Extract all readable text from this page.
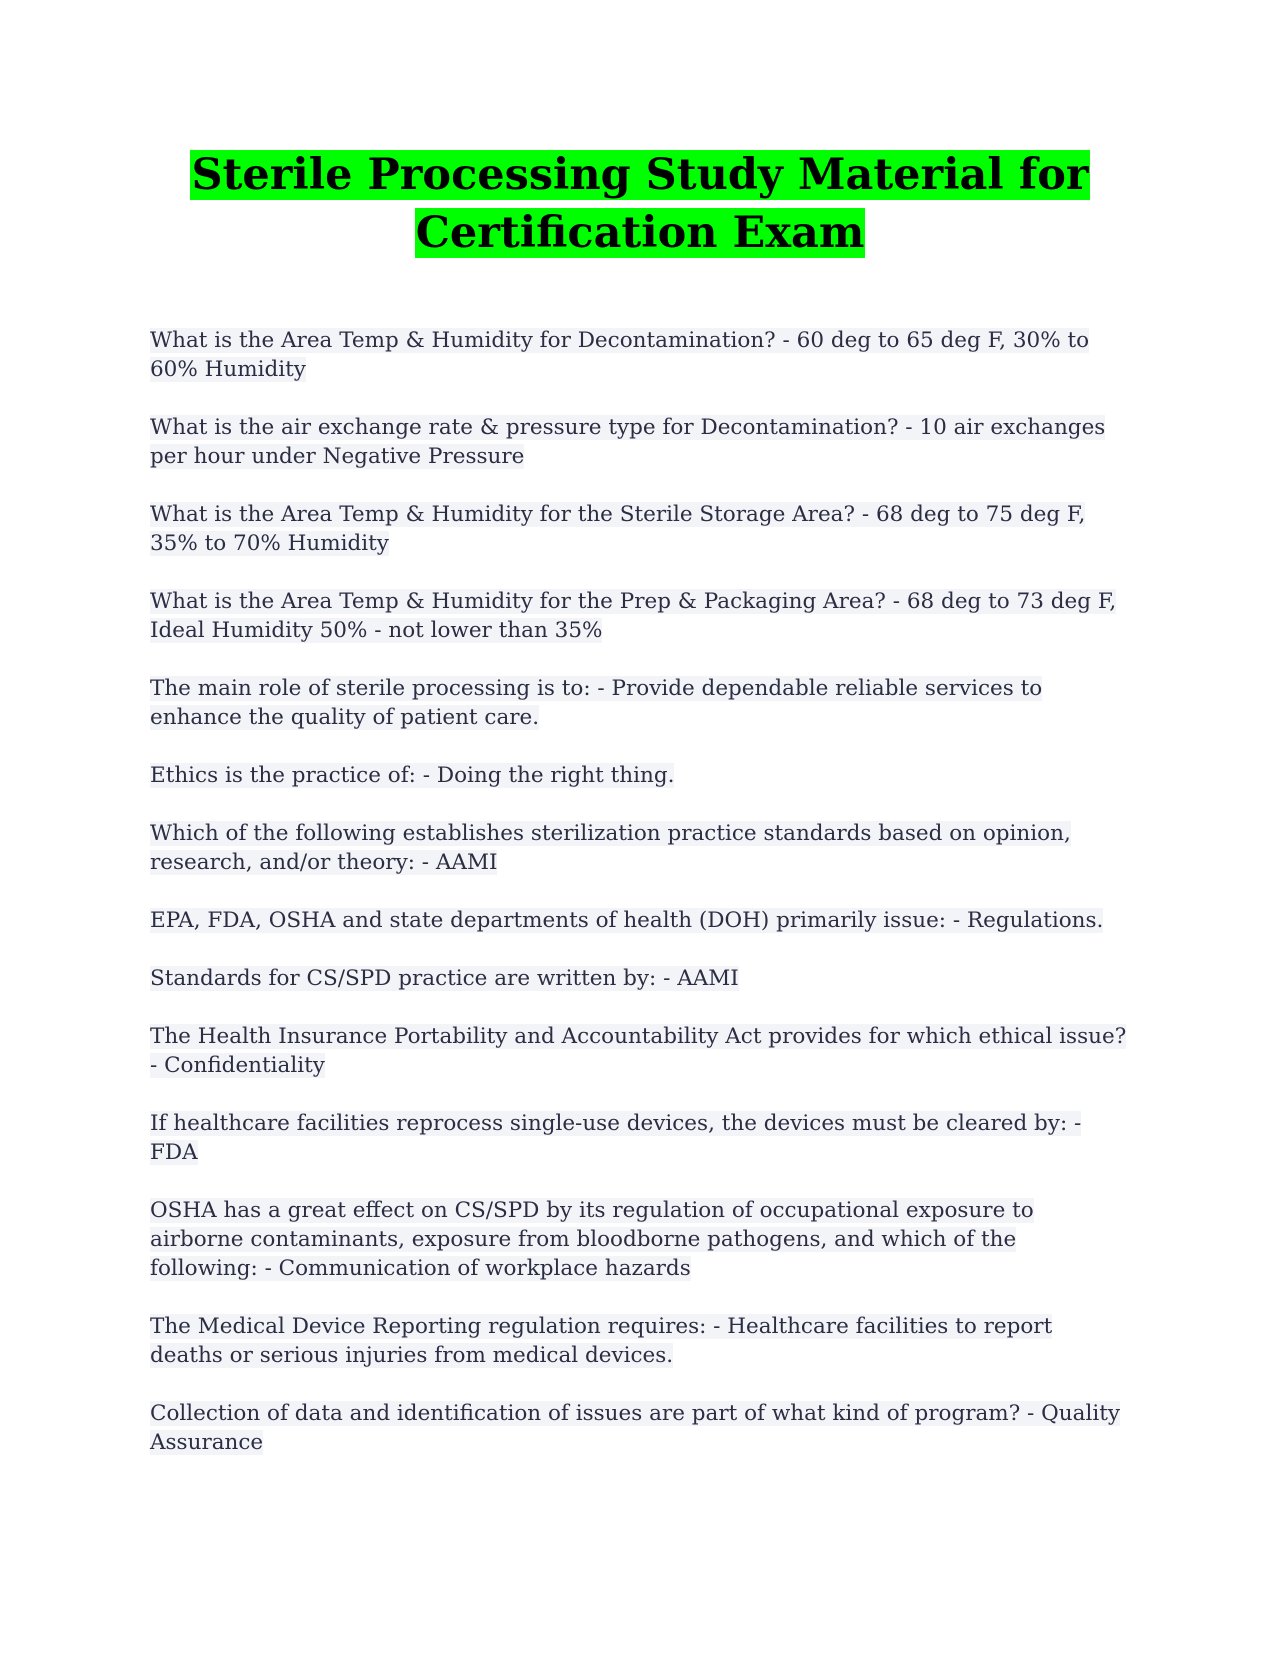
Sterile Processing Study Material for
Certification Exam
What is the Area Temp & Humidity for Decontamination? - 60 deg to 65 deg F, 30% to 60% Humidity
What is the air exchange rate & pressure type for Decontamination? - 10 air exchanges per hour under Negative Pressure
What is the Area Temp & Humidity for the Sterile Storage Area? - 68 deg to 75 deg F, 35% to 70% Humidity
What is the Area Temp & Humidity for the Prep & Packaging Area? - 68 deg to 73 deg F, Ideal Humidity 50% - not lower than 35%
The main role of sterile processing is to: - Provide dependable reliable services to enhance the quality of patient care.
Ethics is the practice of: - Doing the right thing.
Which of the following establishes sterilization practice standards based on opinion, research, and/or theory: - AAMI
EPA, FDA, OSHA and state departments of health (DOH) primarily issue: - Regulations.
Standards for CS/SPD practice are written by: - AAMI
The Health Insurance Portability and Accountability Act provides for which ethical issue? - Confidentiality
If healthcare facilities reprocess single-use devices, the devices must be cleared by: - FDA
OSHA has a great effect on CS/SPD by its regulation of occupational exposure to airborne contaminants, exposure from bloodborne pathogens, and which of the following: - Communication of workplace hazards
The Medical Device Reporting regulation requires: - Healthcare facilities to report deaths or serious injuries from medical devices.
Collection of data and identification of issues are part of what kind of program? - Quality Assurance
